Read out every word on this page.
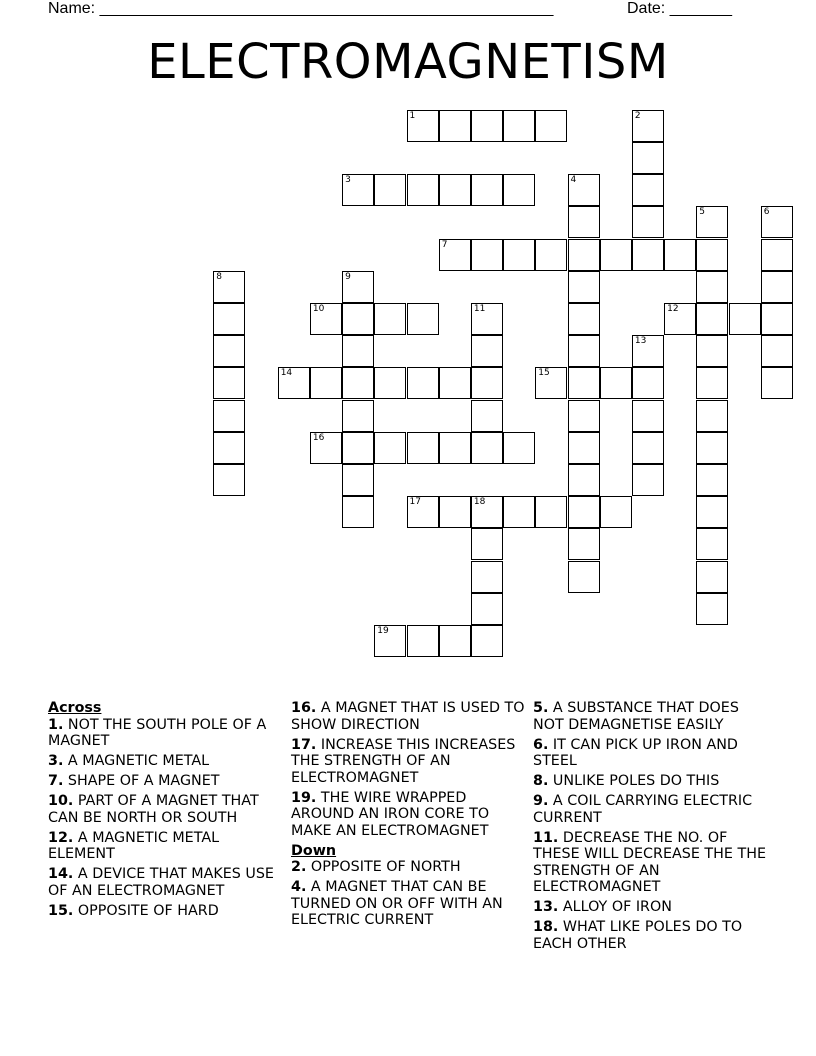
Name: ___________________________________________________	Date: _______
ELECTROMAGNETISM
1	2
3	4
5	6
7
8	9
10	11	12
13
14	15
16
17	18
19
Across
1. NOT THE SOUTH POLE OF A MAGNET
3. A MAGNETIC METAL
7. SHAPE OF A MAGNET
10. PART OF A MAGNET THAT CAN BE NORTH OR SOUTH
12. A MAGNETIC METAL ELEMENT
14. A DEVICE THAT MAKES USE OF AN ELECTROMAGNET
15. OPPOSITE OF HARD
16. A MAGNET THAT IS USED TO SHOW DIRECTION
17. INCREASE THIS INCREASES THE STRENGTH OF AN ELECTROMAGNET
19. THE WIRE WRAPPED AROUND AN IRON CORE TO MAKE AN ELECTROMAGNET
Down
2. OPPOSITE OF NORTH
4. A MAGNET THAT CAN BE TURNED ON OR OFF WITH AN ELECTRIC CURRENT
5. A SUBSTANCE THAT DOES NOT DEMAGNETISE EASILY
6. IT CAN PICK UP IRON AND STEEL
8. UNLIKE POLES DO THIS
9. A COIL CARRYING ELECTRIC CURRENT
11. DECREASE THE NO. OF THESE WILL DECREASE THE THE STRENGTH OF AN ELECTROMAGNET
13. ALLOY OF IRON
18. WHAT LIKE POLES DO TO EACH OTHER
